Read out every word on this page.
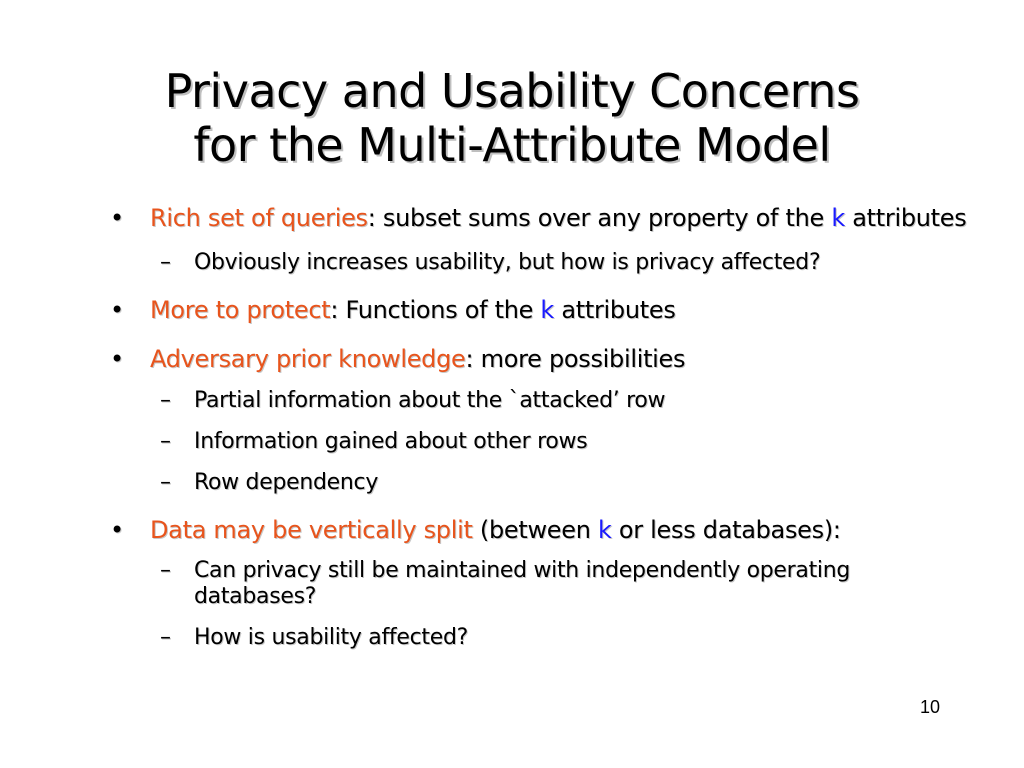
Privacy and Usability Concerns
for the Multi-Attribute Model
• Rich set of queries: subset sums over any property of the k attributes
– Obviously increases usability, but how is privacy affected?
• More to protect: Functions of the k attributes
• Adversary prior knowledge: more possibilities
– Partial information about the `attacked’ row
– Information gained about other rows
– Row dependency
• Data may be vertically split (between k or less databases):
– Can privacy still be maintained with independently operating databases?
– How is usability affected?
10
